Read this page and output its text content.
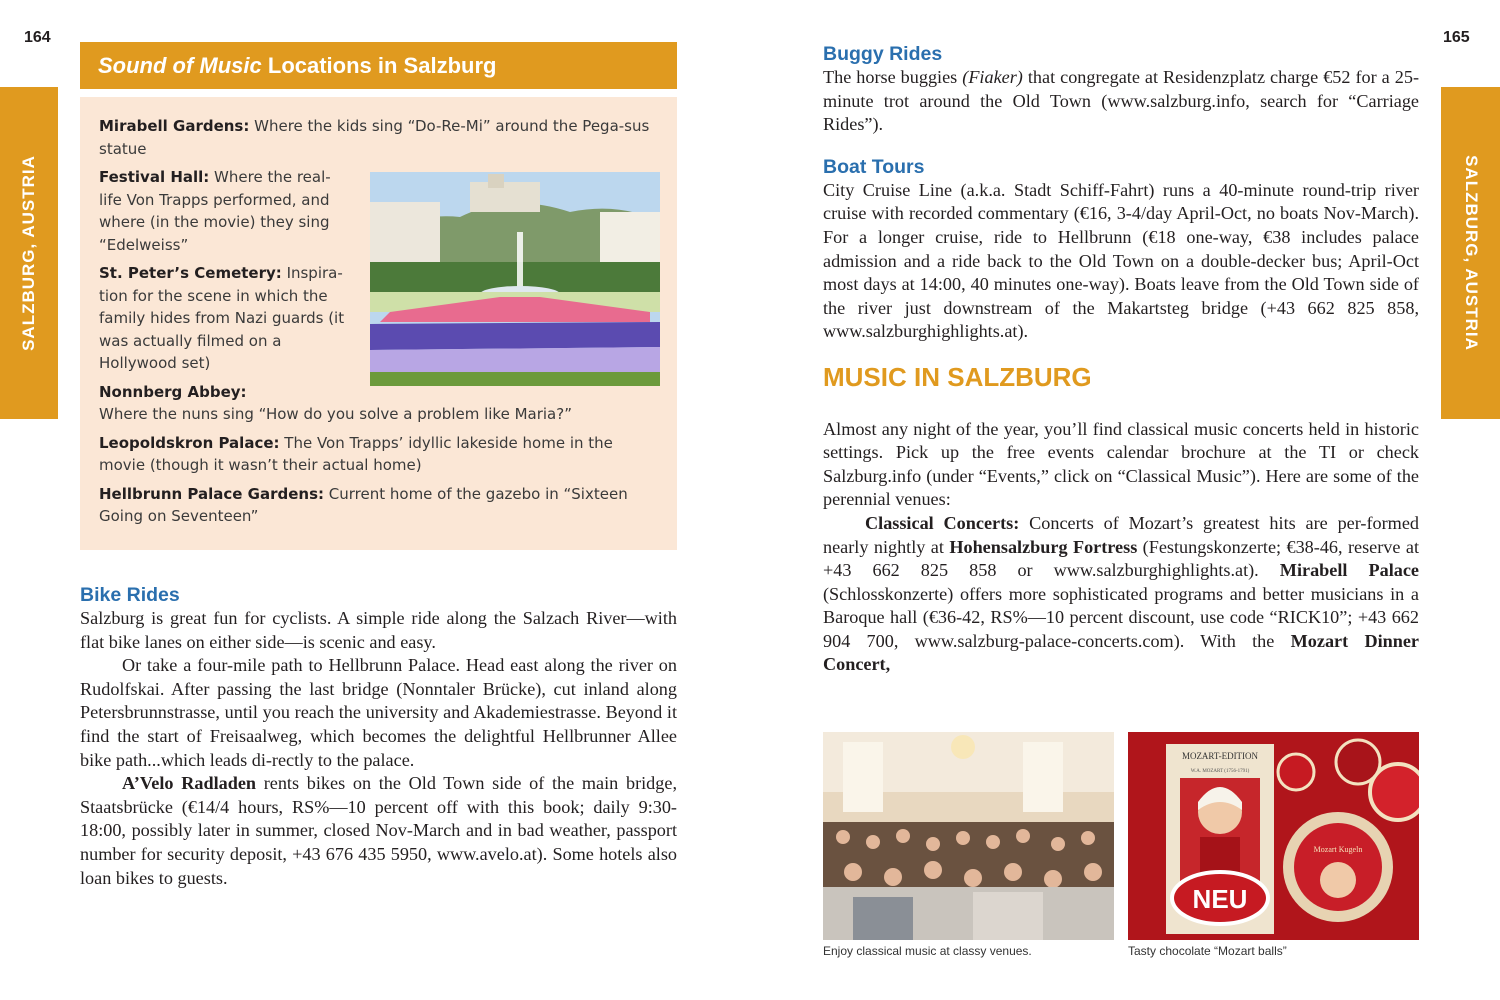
164
SALZBURG, AUSTRIA
Sound of Music Locations in Salzburg

Mirabell Gardens: Where the kids sing “Do-Re-Mi” around the Pega-sus statue

Festival Hall: Where the real-life Von Trapps performed, and where (in the movie) they sing “Edelweiss”

St. Peter’s Cemetery: Inspira-tion for the scene in which the family hides from Nazi guards (it was actually filmed on a Hollywood set)

Nonnberg Abbey: Where the nuns sing “How do you solve a problem like Maria?”

Leopoldskron Palace: The Von Trapps’ idyllic lakeside home in the movie (though it wasn’t their actual home)

Hellbrunn Palace Gardens: Current home of the gazebo in “Sixteen Going on Seventeen”

Bike Rides

Salzburg is great fun for cyclists. A simple ride along the Salzach River—with flat bike lanes on either side—is scenic and easy.

Or take a four-mile path to Hellbrunn Palace. Head east along the river on Rudolfskai. After passing the last bridge (Nonntaler Brücke), cut inland along Petersbrunnstrasse, until you reach the university and Akademiestrasse. Beyond it find the start of Freisaalweg, which becomes the delightful Hellbrunner Allee bike path...which leads di-rectly to the palace.

A’Velo Radladen rents bikes on the Old Town side of the main bridge, Staatsbrücke (€14/4 hours, RS%—10 percent off with this book; daily 9:30-18:00, possibly later in summer, closed Nov-March and in bad weather, passport number for security deposit, +43 676 435 5950, www.avelo.at). Some hotels also loan bikes to guests.

165
SALZBURG, AUSTRIA
Buggy Rides

The horse buggies (Fiaker) that congregate at Residenzplatz charge €52 for a 25-minute trot around the Old Town (www.salzburg.info, search for “Carriage Rides”).

Boat Tours

City Cruise Line (a.k.a. Stadt Schiff-Fahrt) runs a 40-minute round-trip river cruise with recorded commentary (€16, 3-4/day April-Oct, no boats Nov-March). For a longer cruise, ride to Hellbrunn (€18 one-way, €38 includes palace admission and a ride back to the Old Town on a double-decker bus; April-Oct most days at 14:00, 40 minutes one-way). Boats leave from the Old Town side of the river just downstream of the Makartsteg bridge (+43 662 825 858, www.salzburghighlights.at).

MUSIC IN SALZBURG

Almost any night of the year, you’ll find classical music concerts held in historic settings. Pick up the free events calendar brochure at the TI or check Salzburg.info (under “Events,” click on “Classical Music”). Here are some of the perennial venues:

Classical Concerts: Concerts of Mozart’s greatest hits are per-formed nearly nightly at Hohensalzburg Fortress (Festungskonzerte; €38-46, reserve at +43 662 825 858 or www.salzburghighlights.at). Mirabell Palace (Schlosskonzerte) offers more sophisticated programs and better musicians in a Baroque hall (€36-42, RS%—10 percent discount, use code “RICK10”; +43 662 904 700, www.salzburg-palace-concerts.com). With the Mozart Dinner Concert,

MOZART-EDITION
W.A. MOZART (1756-1791)
NEU
Mozart Kugeln
Enjoy classical music at classy venues.	Tasty chocolate “Mozart balls”
